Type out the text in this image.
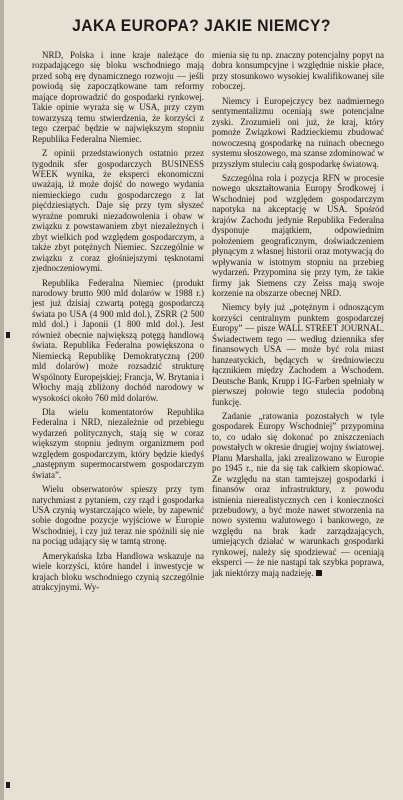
JAKA EUROPA? JAKIE NIEMCY?

NRD, Polska i inne kraje należące do rozpadającego się bloku wschodniego mają przed sobą erę dynamicznego rozwoju — jeśli powiodą się zapoczątkowane tam reformy mające doprowadzić do gospodarki rynkowej. Takie opinie wyraża się w USA, przy czym towarzyszą temu stwierdzenia, że korzyści z tego czerpać będzie w największym stopniu Republika Federalna Niemiec.

Z opinii przedstawionych ostatnio przez tygodnik sfer gospodarczych BUSINESS WEEK wynika, że eksperci ekonomiczni uważają, iż może dojść do nowego wydania niemieckiego cudu gospodarczego z lat pięćdziesiątych. Daje się przy tym słyszeć wyraźne pomruki niezadowolenia i obaw w związku z powstawaniem zbyt niezależnych i zbyt wielkich pod względem gospodarczym, a także zbyt potężnych Niemiec. Szczególnie w związku z coraz głośniejszymi tęsknotami zjednoczeniowymi.

Republika Federalna Niemiec (produkt narodowy brutto 900 mld dolarów w 1988 r.) jest już dzisiaj czwartą potęgą gospodarczą świata po USA (4 900 mld dol.), ZSRR (2 500 mld dol.) i Japonii (1 800 mld dol.). Jest również obecnie największą potęgą handlową świata. Republika Federalna powiększona o Niemiecką Republikę Demokratyczną (200 mld dolarów) może rozsadzić strukturę Wspólnoty Europejskiej; Francja, W. Brytania i Włochy mają zbliżony dochód narodowy w wysokości około 760 mld dolarów.

Dla wielu komentatorów Republika Federalna i NRD, niezależnie od przebiegu wydarzeń politycznych, stają się w coraz większym stopniu jednym organizmem pod względem gospodarczym, który będzie kiedyś „następnym supermocarstwem gospodarczym świata”.

Wielu obserwatorów spieszy przy tym natychmiast z pytaniem, czy rząd i gospodarka USA czynią wystarczająco wiele, by zapewnić sobie dogodne pozycje wyjściowe w Europie Wschodniej, i czy już teraz nie spóźnili się nie na pociąg udający się w tamtą stronę.

Amerykańska Izba Handlowa wskazuje na wiele korzyści, które handel i inwestycje w krajach bloku wschodniego czynią szczególnie atrakcyjnymi. Wy-

mienia się tu np. znaczny potencjalny popyt na dobra konsumpcyjne i względnie niskie płace, przy stosunkowo wysokiej kwalifikowanej sile roboczej.

Niemcy i Europejczycy bez nadmiernego sentymentalizmu oceniają swe potencjalne zyski. Zrozumieli oni już, że kraj, który pomoże Związkowi Radzieckiemu zbudować nowoczesną gospodarkę na ruinach obecnego systemu słoszowego, ma szanse zdominować w przyszłym stuleciu całą gospodarkę światową.

Szczególna rola i pozycja RFN w procesie nowego ukształtowania Europy Środkowej i Wschodniej pod względem gospodarczym napotyka na akceptację w USA. Spośród krajów Zachodu jedynie Republika Federalna dysponuje majątkiem, odpowiednim położeniem geograficznym, doświadczeniem płynącym z własnej historii oraz motywacją do wpływania w istotnym stopniu na przebieg wydarzeń. Przypomina się przy tym, że takie firmy jak Siemens czy Zeiss mają swoje korzenie na obszarze obecnej NRD.

Niemcy były już „potężnym i odnoszącym korzyści centralnym punktem gospodarczej Europy” — pisze WALL STREET JOURNAL. Świadectwem tego — według dziennika sfer finansowych USA — może być rola miast hanzeatyckich, będących w średniowieczu łącznikiem między Zachodem a Wschodem. Deutsche Bank, Krupp i IG-Farben spełniały w pierwszej połowie tego stulecia podobną funkcję.

Zadanie „ratowania pozostałych w tyle gospodarek Europy Wschodniej” przypomina to, co udało się dokonać po zniszczeniach powstałych w okresie drugiej wojny światowej. Planu Marshalla, jaki zrealizowano w Europie po 1945 r., nie da się tak całkiem skopiować. Ze względu na stan tamtejszej gospodarki i finansów oraz infrastruktury, z powodu istnienia nierealistycznych cen i konieczności przebudowy, a być może nawet stworzenia na nowo systemu walutowego i bankowego, ze względu na brak kadr zarządzających, umiejących działać w warunkach gospodarki rynkowej, należy się spodziewać — oceniają eksperci — że nie nastąpi tak szybka poprawa, jak niektórzy mają nadzieję.
